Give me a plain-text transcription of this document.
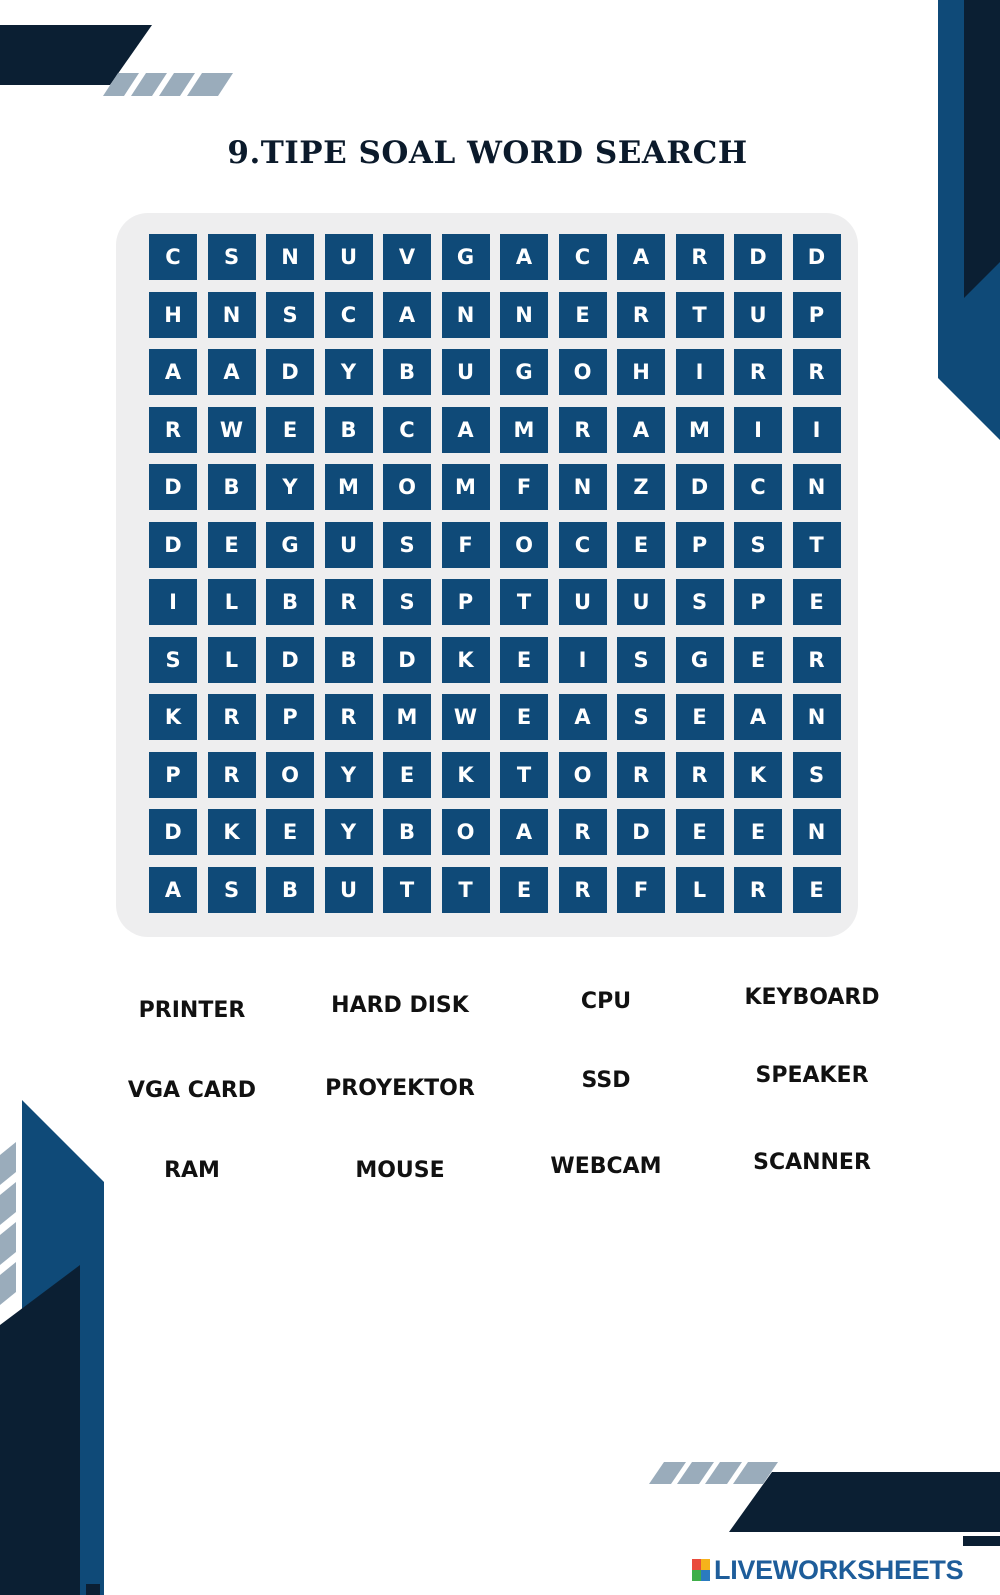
9.TIPE SOAL WORD SEARCH
C	S	N	U	V	G	A	C	A	R	D	D
H	N	S	C	A	N	N	E	R	T	U	P
A	A	D	Y	B	U	G	O	H	I	R	R
R	W	E	B	C	A	M	R	A	M	I	I
D	B	Y	M	O	M	F	N	Z	D	C	N
D	E	G	U	S	F	O	C	E	P	S	T
I	L	B	R	S	P	T	U	U	S	P	E
S	L	D	B	D	K	E	I	S	G	E	R
K	R	P	R	M	W	E	A	S	E	A	N
P	R	O	Y	E	K	T	O	R	R	K	S
D	K	E	Y	B	O	A	R	D	E	E	N
A	S	B	U	T	T	E	R	F	L	R	E
PRINTER	HARD DISK	CPU	KEYBOARD
VGA CARD	PROYEKTOR	SSD	SPEAKER
RAM	MOUSE	WEBCAM	SCANNER
LIVEWORKSHEETS
